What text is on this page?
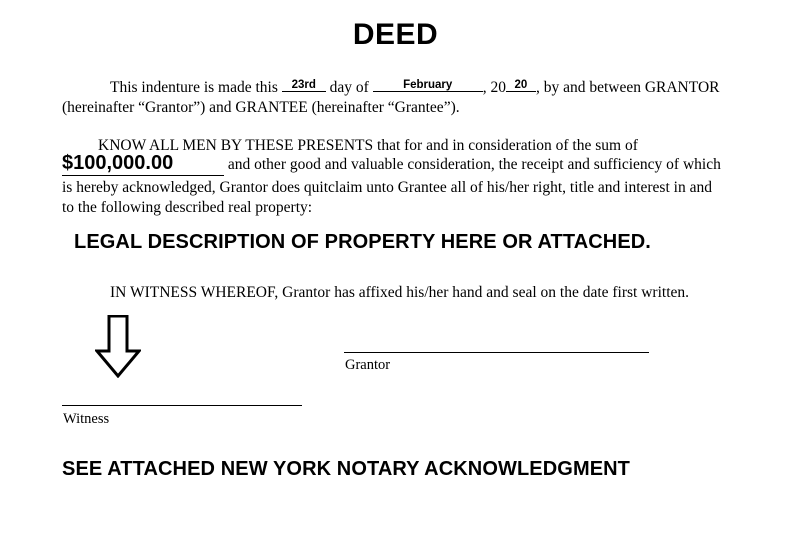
DEED
This indenture is made this 23rd day of	February , 20 20 , by and between GRANTOR
(hereinafter “Grantor”) and GRANTEE (hereinafter “Grantee”).
KNOW ALL MEN BY THESE PRESENTS that for and in consideration of the sum of
$100,000.00	and other good and valuable consideration, the receipt and sufficiency of which
is hereby acknowledged, Grantor does quitclaim unto Grantee all of his/her right, title and interest in and
to the following described real property:
LEGAL DESCRIPTION OF PROPERTY HERE OR ATTACHED.
IN WITNESS WHEREOF, Grantor has affixed his/her hand and seal on the date first written.
Grantor
Witness
SEE ATTACHED NEW YORK NOTARY ACKNOWLEDGMENT
